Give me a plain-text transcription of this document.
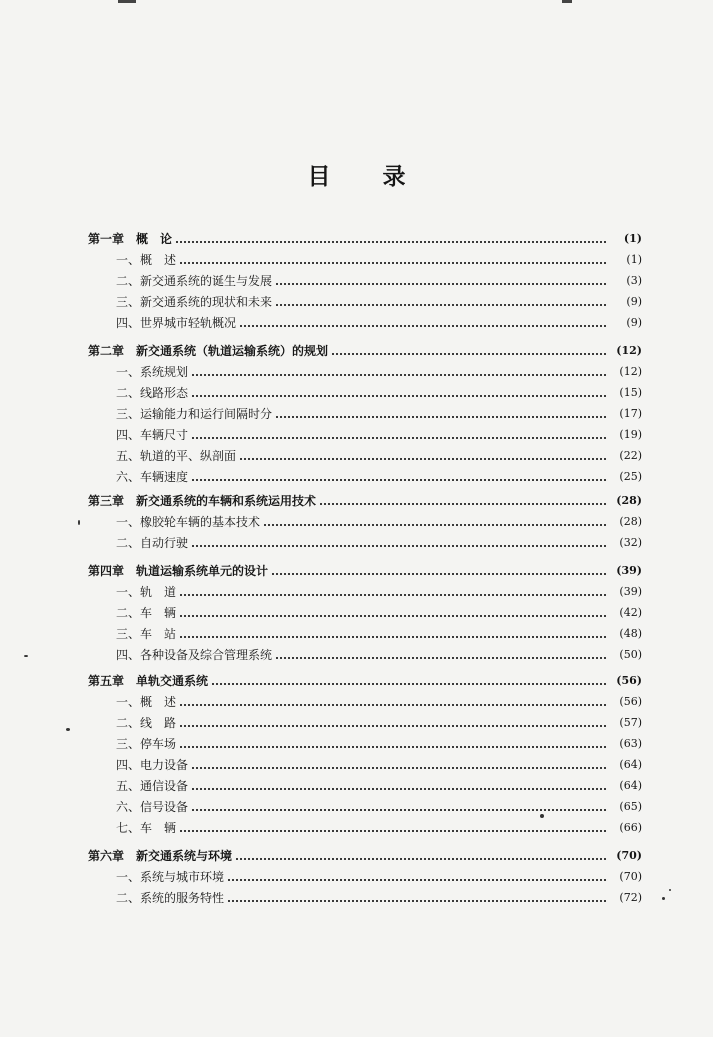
目 录
第一章 概　论	(1)
一、 概　述	(1)
二、 新交通系统的诞生与发展	(3)
三、 新交通系统的现状和未来	(9)
四、 世界城市轻轨概况	(9)
第二章 新交通系统（轨道运输系统）的规划	(12)
一、 系统规划	(12)
二、 线路形态	(15)
三、 运输能力和运行间隔时分	(17)
四、 车辆尺寸	(19)
五、 轨道的平、纵剖面	(22)
六、 车辆速度	(25)
第三章 新交通系统的车辆和系统运用技术	(28)
一、 橡胶轮车辆的基本技术	(28)
二、 自动行驶	(32)
第四章 轨道运输系统单元的设计	(39)
一、 轨　道	(39)
二、 车　辆	(42)
三、 车　站	(48)
四、 各种设备及综合管理系统	(50)
第五章 单轨交通系统	(56)
一、 概　述	(56)
二、 线　路	(57)
三、 停车场	(63)
四、 电力设备	(64)
五、 通信设备	(64)
六、 信号设备	(65)
七、 车　辆	(66)
第六章 新交通系统与环境	(70)
一、 系统与城市环境	(70)
二、 系统的服务特性	(72)
